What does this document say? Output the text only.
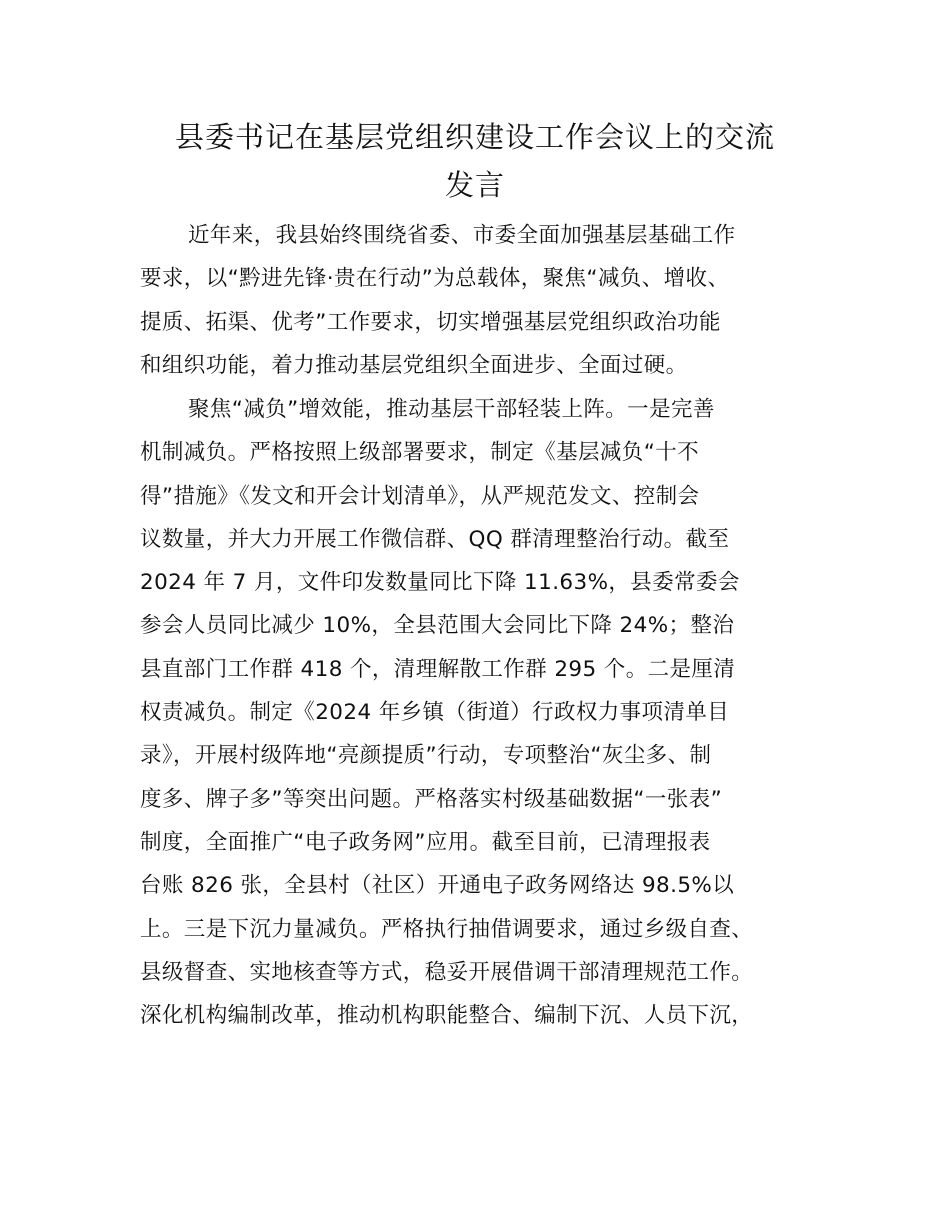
县委书记在基层党组织建设工作会议上的交流
发言

近年来，我县始终围绕省委、市委全面加强基层基础工作
要求，以“黔进先锋·贵在行动”为总载体，聚焦“减负、增收、
提质、拓渠、优考”工作要求，切实增强基层党组织政治功能
和组织功能，着力推动基层党组织全面进步、全面过硬。

聚焦“减负”增效能，推动基层干部轻装上阵。一是完善
机制减负。严格按照上级部署要求，制定《基层减负“十不
得”措施》《发文和开会计划清单》，从严规范发文、控制会
议数量，并大力开展工作微信群、QQ 群清理整治行动。截至
2024 年 7 月，文件印发数量同比下降 11.63%，县委常委会
参会人员同比减少 10%，全县范围大会同比下降 24%；整治
县直部门工作群 418 个，清理解散工作群 295 个。二是厘清
权责减负。制定《2024 年乡镇（街道）行政权力事项清单目
录》，开展村级阵地“亮颜提质”行动，专项整治“灰尘多、制
度多、牌子多”等突出问题。严格落实村级基础数据“一张表”
制度，全面推广“电子政务网”应用。截至目前，已清理报表
台账 826 张，全县村（社区）开通电子政务网络达 98.5%以
上。三是下沉力量减负。严格执行抽借调要求，通过乡级自查、
县级督查、实地核查等方式，稳妥开展借调干部清理规范工作。
深化机构编制改革，推动机构职能整合、编制下沉、人员下沉，
